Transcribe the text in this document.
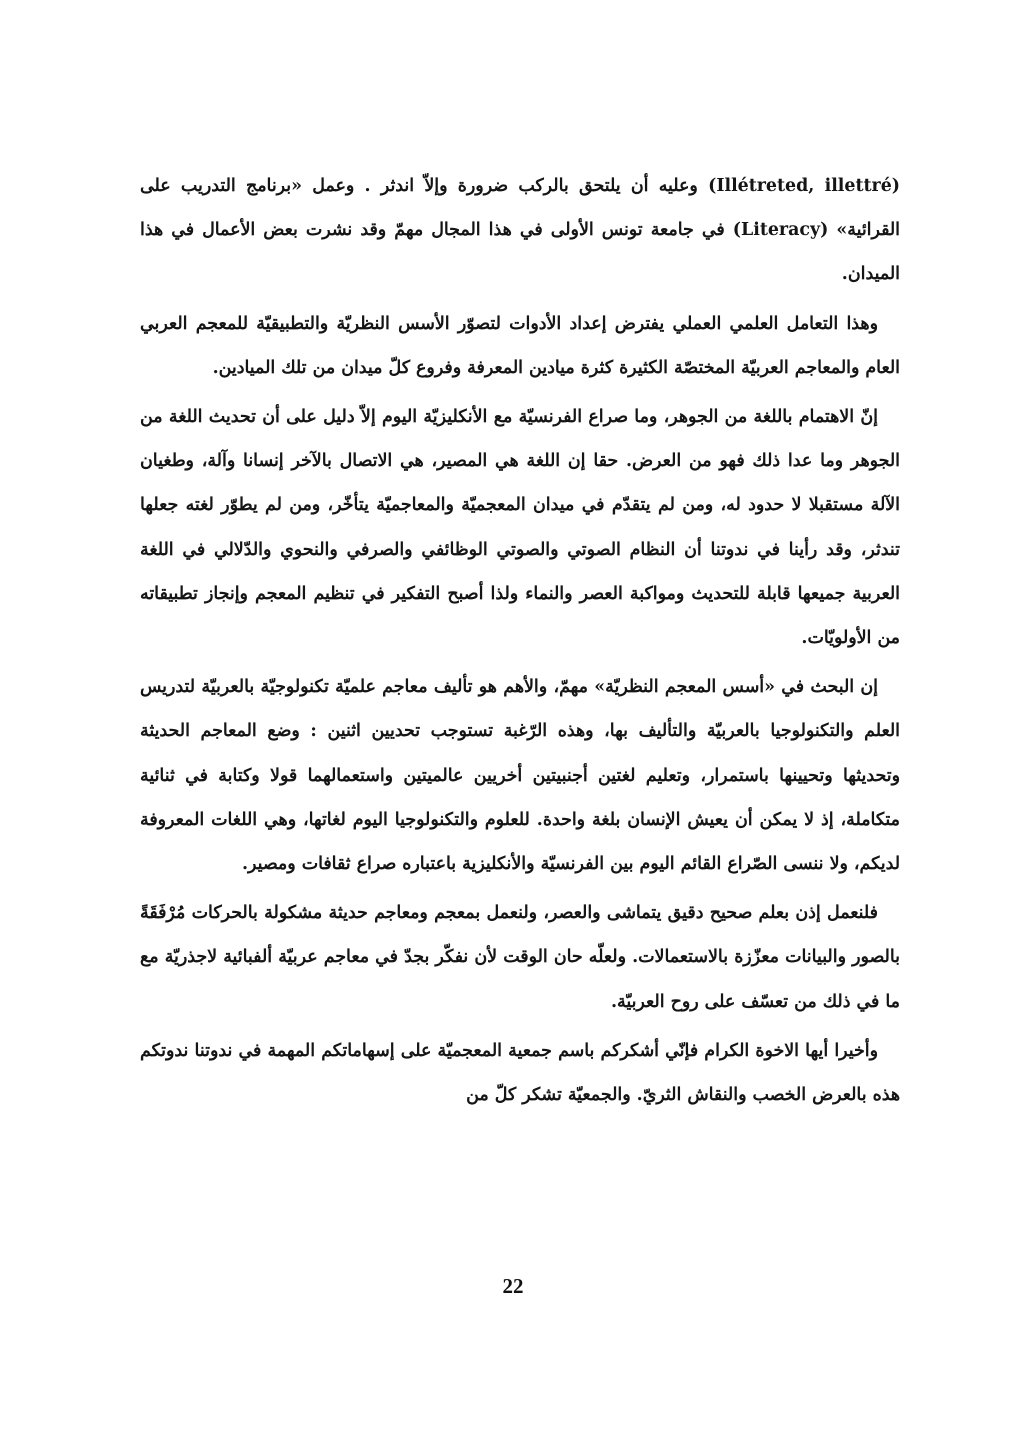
(Illétreted, illettré) وعليه أن يلتحق بالركب ضرورة وإلاّ اندثر . وعمل «برنامج التدريب على القرائية» (Literacy) في جامعة تونس الأولى في هذا المجال مهمّ وقد نشرت بعض الأعمال في هذا الميدان.

وهذا التعامل العلمي العملي يفترض إعداد الأدوات لتصوّر الأسس النظريّة والتطبيقيّة للمعجم العربي العام والمعاجم العربيّة المختصّة الكثيرة كثرة ميادين المعرفة وفروع كلّ ميدان من تلك الميادين.

إنّ الاهتمام باللغة من الجوهر، وما صراع الفرنسيّة مع الأنكليزيّة اليوم إلاّ دليل على أن تحديث اللغة من الجوهر وما عدا ذلك فهو من العرض. حقا إن اللغة هي المصير، هي الاتصال بالآخر إنسانا وآلة، وطغيان الآلة مستقبلا لا حدود له، ومن لم يتقدّم في ميدان المعجميّة والمعاجميّة يتأخّر، ومن لم يطوّر لغته جعلها تندثر، وقد رأينا في ندوتنا أن النظام الصوتي والصوتي الوظائفي والصرفي والنحوي والدّلالي في اللغة العربية جميعها قابلة للتحديث ومواكبة العصر والنماء ولذا أصبح التفكير في تنظيم المعجم وإنجاز تطبيقاته من الأولويّات.

إن البحث في «أسس المعجم النظريّة» مهمّ، والأهم هو تأليف معاجم علميّة تكنولوجيّة بالعربيّة لتدريس العلم والتكنولوجيا بالعربيّة والتأليف بها، وهذه الرّغبة تستوجب تحديين اثنين : وضع المعاجم الحديثة وتحديثها وتحيينها باستمرار، وتعليم لغتين أجنبيتين أخريين عالميتين واستعمالهما قولا وكتابة في ثنائية متكاملة، إذ لا يمكن أن يعيش الإنسان بلغة واحدة. للعلوم والتكنولوجيا اليوم لغاتها، وهي اللغات المعروفة لديكم، ولا ننسى الصّراع القائم اليوم بين الفرنسيّة والأنكليزية باعتباره صراع ثقافات ومصير.

فلنعمل إذن بعلم صحيح دقيق يتماشى والعصر، ولنعمل بمعجم ومعاجم حديثة مشكولة بالحركات مُرْفَقَةً بالصور والبيانات معزّزة بالاستعمالات. ولعلّه حان الوقت لأن نفكّر بجدّ في معاجم عربيّة ألفبائية لاجذريّة مع ما في ذلك من تعسّف على روح العربيّة.

وأخيرا أيها الاخوة الكرام فإنّي أشكركم باسم جمعية المعجميّة على إسهاماتكم المهمة في ندوتنا ندوتكم هذه بالعرض الخصب والنقاش الثريّ. والجمعيّة تشكر كلّ من

22
